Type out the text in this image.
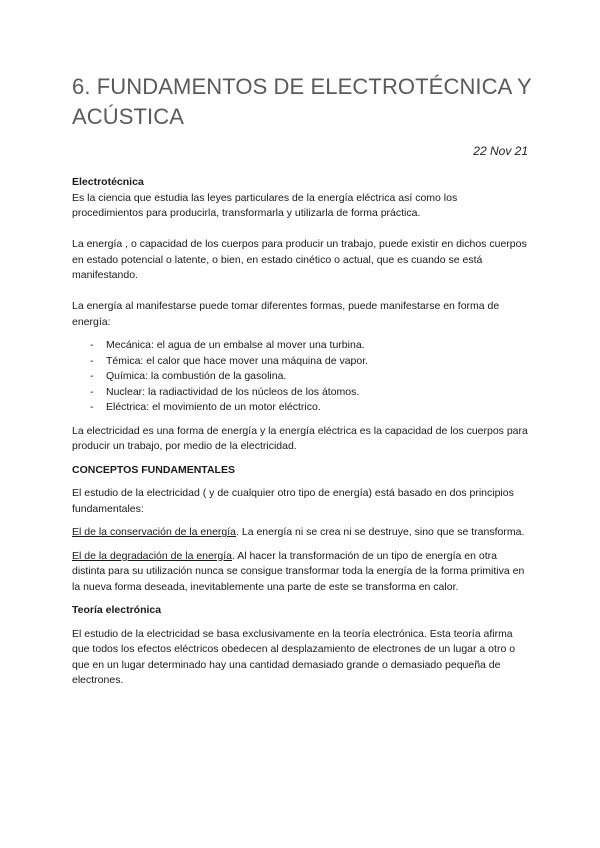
6. FUNDAMENTOS DE ELECTROTÉCNICA Y ACÚSTICA
22 Nov 21
Electrotécnica

Es la ciencia que estudia las leyes particulares de la energía eléctrica así como los procedimientos para producirla, transformarla y utilizarla de forma práctica.

La energía , o capacidad de los cuerpos para producir un trabajo, puede existir en dichos cuerpos en estado potencial o latente, o bien, en estado cinético o actual, que es cuando se está manifestando.

La energía al manifestarse puede tomar diferentes formas, puede manifestarse en forma de energía:

- Mecánica: el agua de un embalse al mover una turbina.
- Témica: el calor que hace mover una máquina de vapor.
- Química: la combustión de la gasolina.
- Nuclear: la radiactividad de los núcleos de los átomos.
- Eléctrica: el movimiento de un motor eléctrico.

La electricidad es una forma de energía y la energía eléctrica es la capacidad de los cuerpos para producir un trabajo, por medio de la electricidad.

CONCEPTOS FUNDAMENTALES

El estudio de la electricidad ( y de cualquier otro tipo de energía) está basado en dos principios fundamentales:

El de la conservación de la energía. La energía ni se crea ni se destruye, sino que se transforma.

El de la degradación de la energía. Al hacer la transformación de un tipo de energía en otra distinta para su utilización nunca se consigue transformar toda la energía de la forma primitiva en la nueva forma deseada, inevitablemente una parte de este se transforma en calor.

Teoría electrónica

El estudio de la electricidad se basa exclusivamente en la teoría electrónica. Esta teoría afirma que todos los efectos eléctricos obedecen al desplazamiento de electrones de un lugar a otro o que en un lugar determinado hay una cantidad demasiado grande o demasiado pequeña de electrones.
